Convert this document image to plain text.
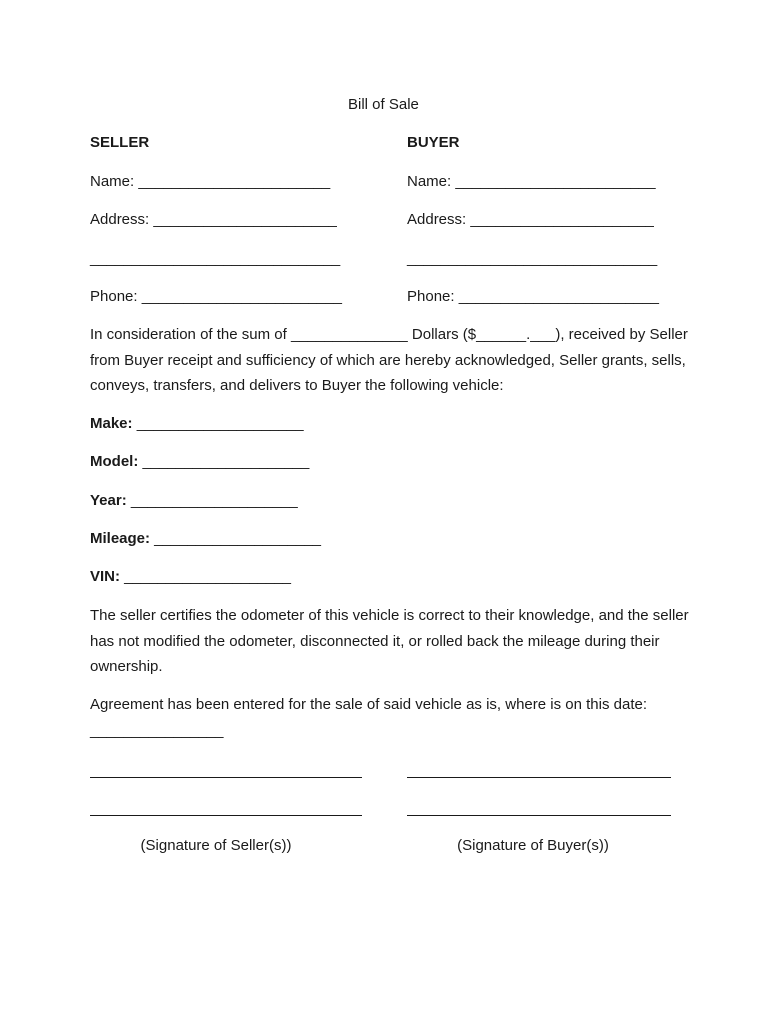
Bill of Sale
SELLER
Name: _______________________
Address: ______________________
______________________________
Phone: ________________________
BUYER
Name: ________________________
Address: ______________________
______________________________
Phone: ________________________
In consideration of the sum of ______________ Dollars ($______.___), received by Seller from Buyer receipt and sufficiency of which are hereby acknowledged, Seller grants, sells, conveys, transfers, and delivers to Buyer the following vehicle:
Make: ____________________
Model: ____________________
Year: ____________________
Mileage: ____________________
VIN: ____________________
The seller certifies the odometer of this vehicle is correct to their knowledge, and the seller has not modified the odometer, disconnected it, or rolled back the mileage during their ownership.
Agreement has been entered for the sale of said vehicle as is, where is on this date: ________________
(Signature of Seller(s))	(Signature of Buyer(s))
